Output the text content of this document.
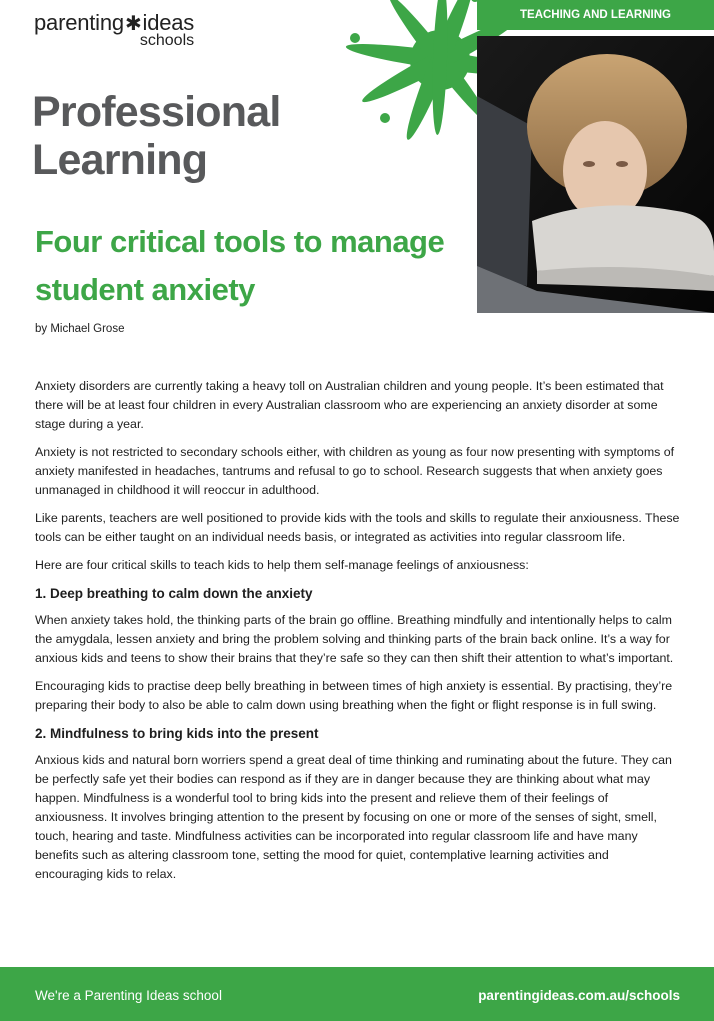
parenting✱ideas
schools
TEACHING AND LEARNING
Professional
Learning
Four critical tools to manage
student anxiety
by Michael Grose

Anxiety disorders are currently taking a heavy toll on Australian children and young people. It’s been estimated that there will be at least four children in every Australian classroom who are experiencing an anxiety disorder at some stage during a year.

Anxiety is not restricted to secondary schools either, with children as young as four now presenting with symptoms of anxiety manifested in headaches, tantrums and refusal to go to school. Research suggests that when anxiety goes unmanaged in childhood it will reoccur in adulthood.

Like parents, teachers are well positioned to provide kids with the tools and skills to regulate their anxiousness. These tools can be either taught on an individual needs basis, or integrated as activities into regular classroom life.

Here are four critical skills to teach kids to help them self-manage feelings of anxiousness:

1. Deep breathing to calm down the anxiety

When anxiety takes hold, the thinking parts of the brain go offline. Breathing mindfully and intentionally helps to calm the amygdala, lessen anxiety and bring the problem solving and thinking parts of the brain back online. It’s a way for anxious kids and teens to show their brains that they’re safe so they can then shift their attention to what’s important.

Encouraging kids to practise deep belly breathing in between times of high anxiety is essential. By practising, they’re preparing their body to also be able to calm down using breathing when the fight or flight response is in full swing.

2. Mindfulness to bring kids into the present

Anxious kids and natural born worriers spend a great deal of time thinking and ruminating about the future. They can be perfectly safe yet their bodies can respond as if they are in danger because they are thinking about what may happen. Mindfulness is a wonderful tool to bring kids into the present and relieve them of their feelings of anxiousness. It involves bringing attention to the present by focusing on one or more of the senses of sight, smell, touch, hearing and taste. Mindfulness activities can be incorporated into regular classroom life and have many benefits such as altering classroom tone, setting the mood for quiet, contemplative learning activities and encouraging kids to relax.

We're a Parenting Ideas school	parentingideas.com.au/schools
